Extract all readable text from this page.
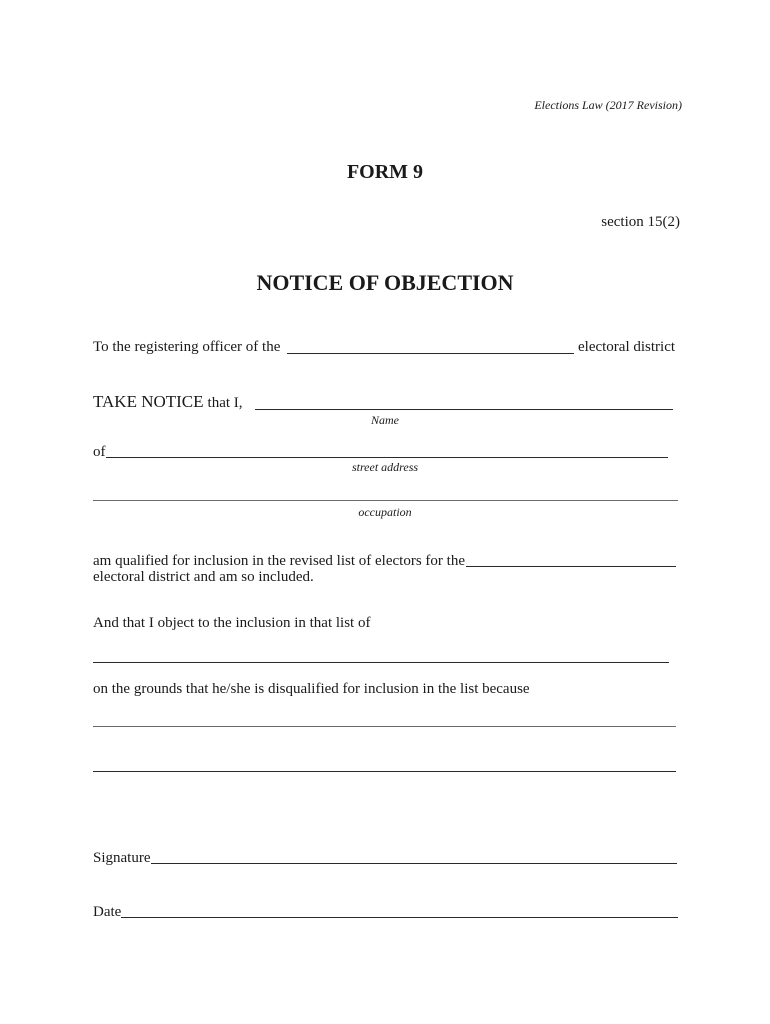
Elections Law (2017 Revision)
FORM 9
section 15(2)
NOTICE OF OBJECTION
To the registering officer of the	electoral district
TAKE NOTICE that I,
Name
of
street address
occupation
am qualified for inclusion in the revised list of electors for the
electoral district and am so included.
And that I object to the inclusion in that list of
on the grounds that he/she is disqualified for inclusion in the list because
Signature
Date
